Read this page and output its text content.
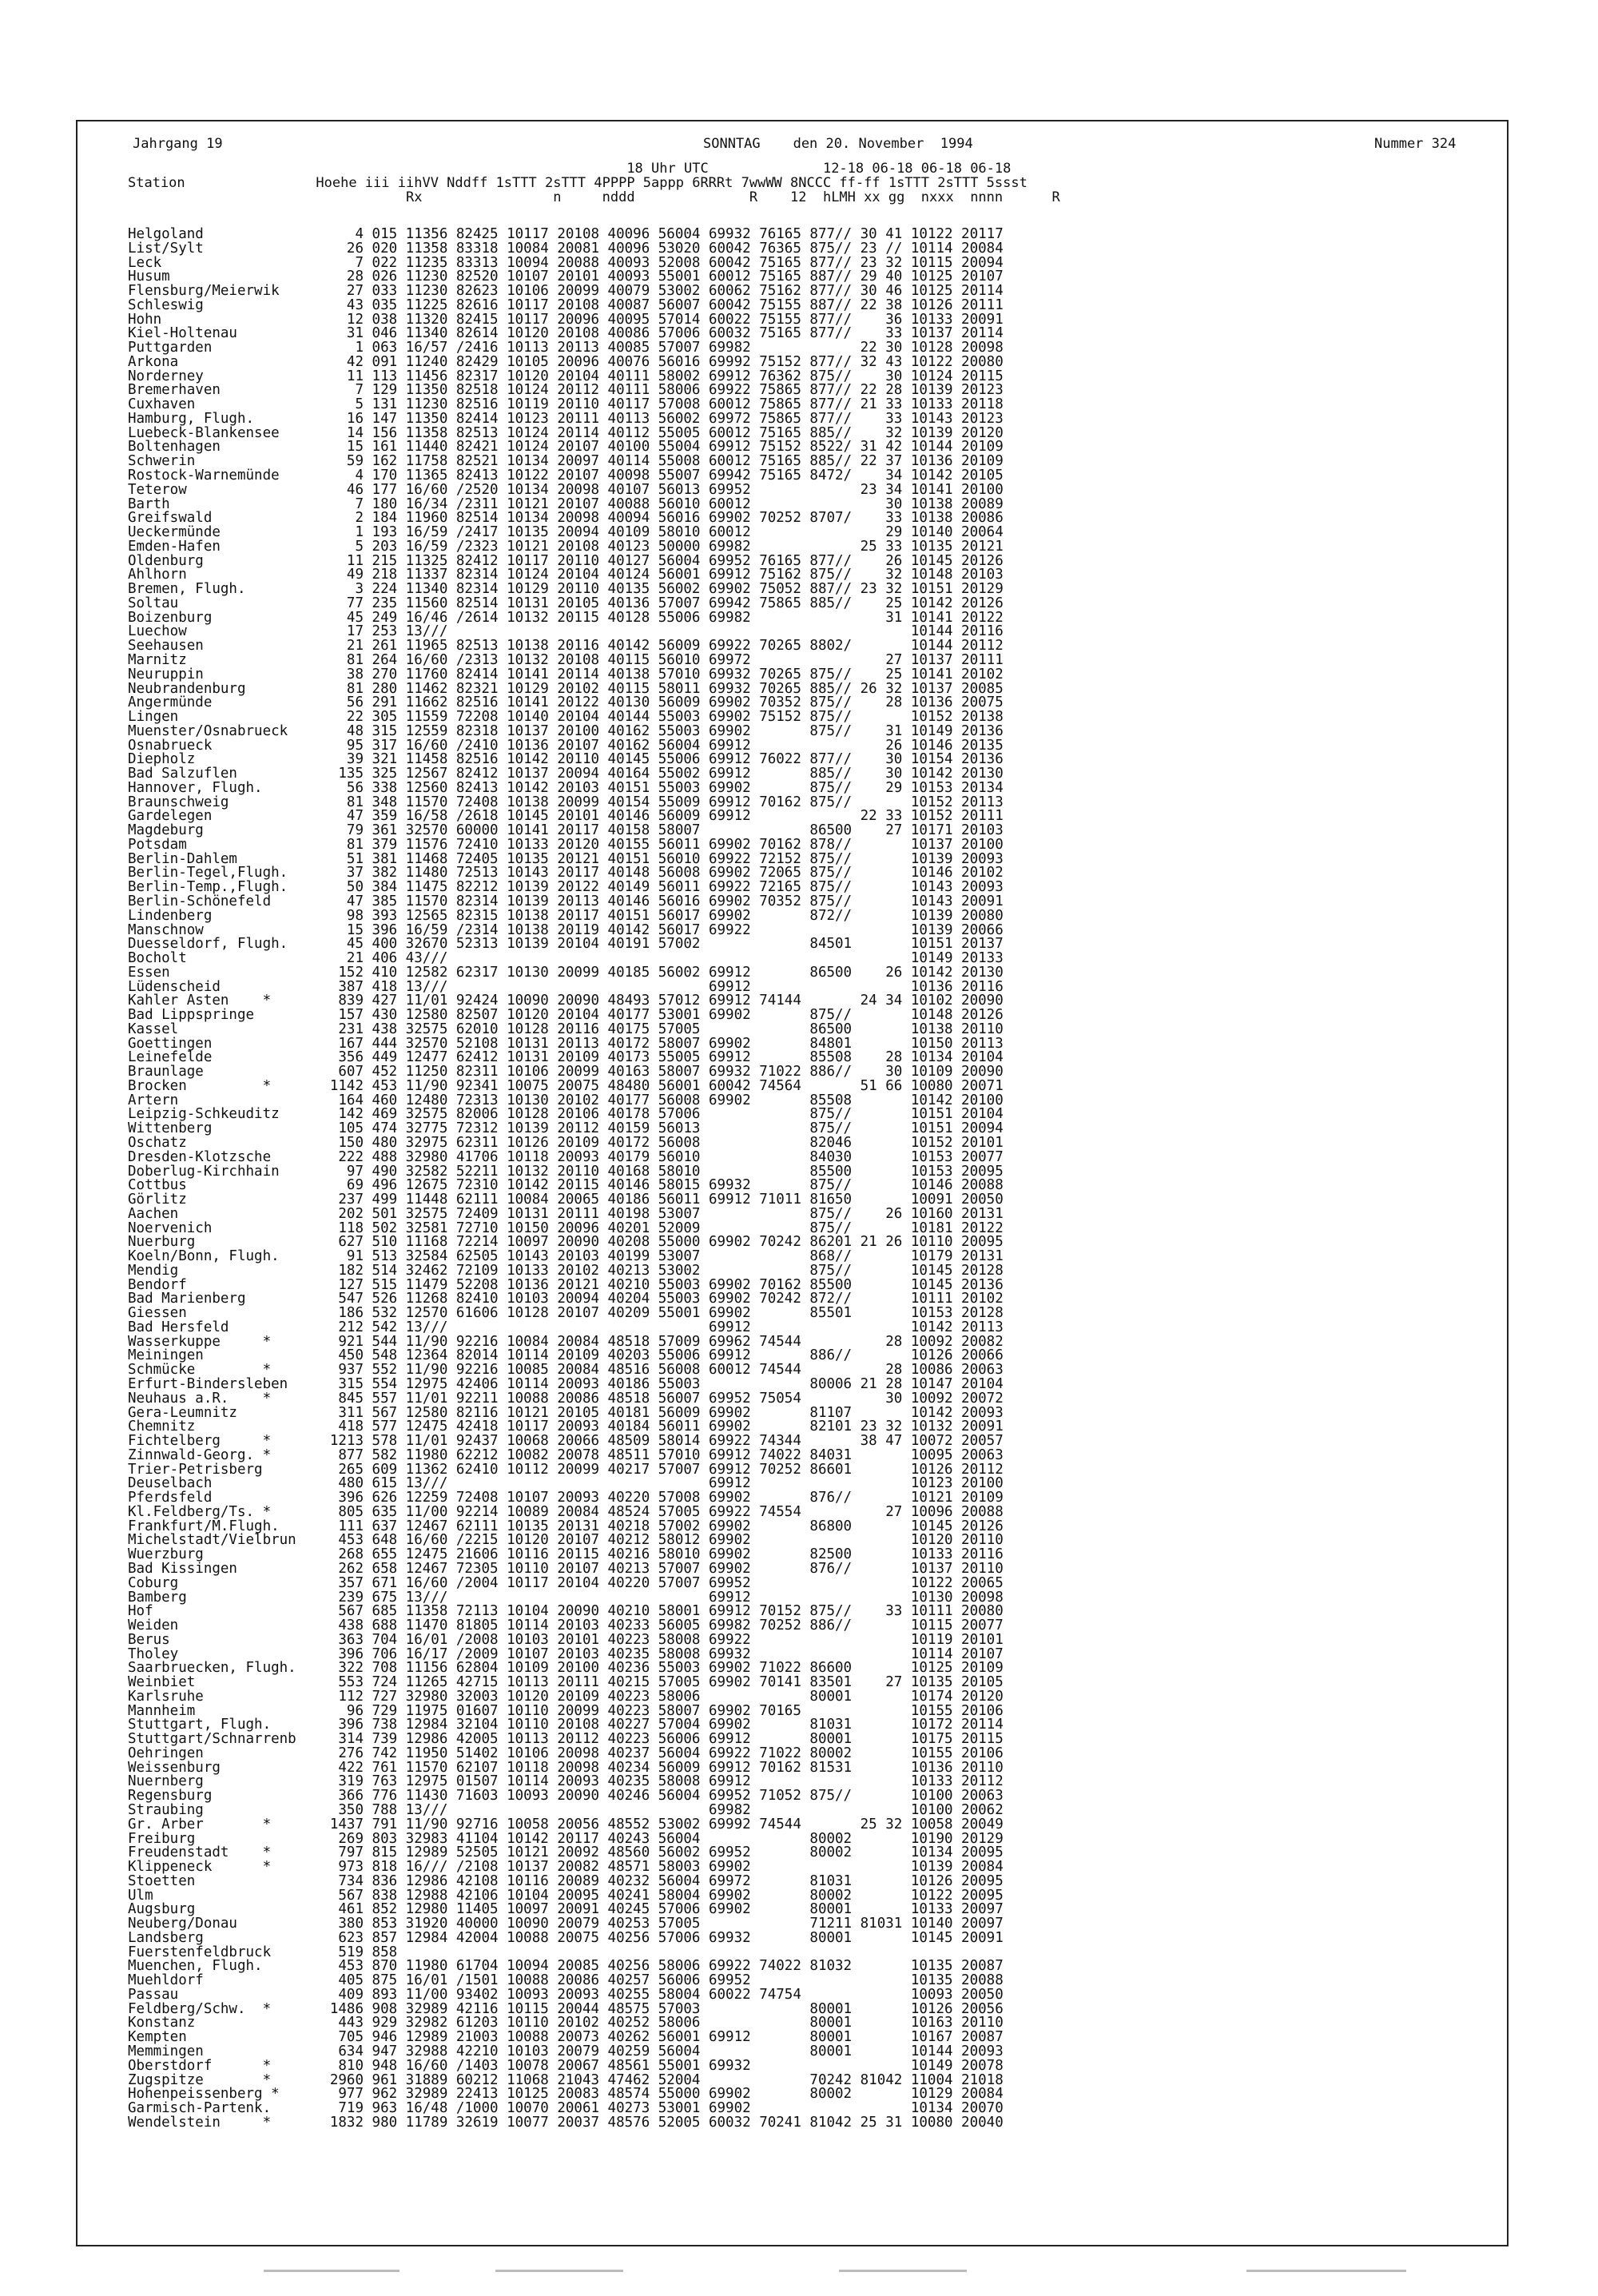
Jahrgang 19	SONNTAG    den 20. November  1994	Nummer 324
18 Uhr UTC              12-18 06-18 06-18 06-18
Station                Hoehe iii iihVV Nddff 1sTTT 2sTTT 4PPPP 5appp 6RRRt 7wwWW 8NCCC ff-ff 1sTTT 2sTTT 5ssst
Rx                n     nddd              R    12  hLMH xx gg  nxxx  nnnn      R
Helgoland                  4 015 11356 82425 10117 20108 40096 56004 69932 76165 877// 30 41 10122 20117
List/Sylt                 26 020 11358 83318 10084 20081 40096 53020 60042 76365 875// 23 // 10114 20084
Leck                       7 022 11235 83313 10094 20088 40093 52008 60042 75165 877// 23 32 10115 20094
Husum                     28 026 11230 82520 10107 20101 40093 55001 60012 75165 887// 29 40 10125 20107
Flensburg/Meierwik        27 033 11230 82623 10106 20099 40079 53002 60062 75162 877// 30 46 10125 20114
Schleswig                 43 035 11225 82616 10117 20108 40087 56007 60042 75155 887// 22 38 10126 20111
Hohn                      12 038 11320 82415 10117 20096 40095 57014 60022 75155 877//    36 10133 20091
Kiel-Holtenau             31 046 11340 82614 10120 20108 40086 57006 60032 75165 877//    33 10137 20114
Puttgarden                 1 063 16/57 /2416 10113 20113 40085 57007 69982             22 30 10128 20098
Arkona                    42 091 11240 82429 10105 20096 40076 56016 69992 75152 877// 32 43 10122 20080
Norderney                 11 113 11456 82317 10120 20104 40111 58002 69912 76362 875//    30 10124 20115
Bremerhaven                7 129 11350 82518 10124 20112 40111 58006 69922 75865 877// 22 28 10139 20123
Cuxhaven                   5 131 11230 82516 10119 20110 40117 57008 60012 75865 877// 21 33 10133 20118
Hamburg, Flugh.           16 147 11350 82414 10123 20111 40113 56002 69972 75865 877//    33 10143 20123
Luebeck-Blankensee        14 156 11358 82513 10124 20114 40112 55005 60012 75165 885//    32 10139 20120
Boltenhagen               15 161 11440 82421 10124 20107 40100 55004 69912 75152 8522/ 31 42 10144 20109
Schwerin                  59 162 11758 82521 10134 20097 40114 55008 60012 75165 885// 22 37 10136 20109
Rostock-Warnemünde         4 170 11365 82413 10122 20107 40098 55007 69942 75165 8472/    34 10142 20105
Teterow                   46 177 16/60 /2520 10134 20098 40107 56013 69952             23 34 10141 20100
Barth                      7 180 16/34 /2311 10121 20107 40088 56010 60012                30 10138 20089
Greifswald                 2 184 11960 82514 10134 20098 40094 56016 69902 70252 8707/    33 10138 20086
Ueckermünde                1 193 16/59 /2417 10135 20094 40109 58010 60012                29 10140 20064
Emden-Hafen                5 203 16/59 /2323 10121 20108 40123 50000 69982             25 33 10135 20121
Oldenburg                 11 215 11325 82412 10117 20110 40127 56004 69952 76165 877//    26 10145 20126
Ahlhorn                   49 218 11337 82314 10124 20104 40124 56001 69912 75162 875//    32 10148 20103
Bremen, Flugh.             3 224 11340 82314 10129 20110 40135 56002 69902 75052 887// 23 32 10151 20129
Soltau                    77 235 11560 82514 10131 20105 40136 57007 69942 75865 885//    25 10142 20126
Boizenburg                45 249 16/46 /2614 10132 20115 40128 55006 69982                31 10141 20122
Luechow                   17 253 13///                                                       10144 20116
Seehausen                 21 261 11965 82513 10138 20116 40142 56009 69922 70265 8802/       10144 20112
Marnitz                   81 264 16/60 /2313 10132 20108 40115 56010 69972                27 10137 20111
Neuruppin                 38 270 11760 82414 10141 20114 40138 57010 69932 70265 875//    25 10141 20102
Neubrandenburg            81 280 11462 82321 10129 20102 40115 58011 69932 70265 885// 26 32 10137 20085
Angermünde                56 291 11662 82516 10141 20122 40130 56009 69902 70352 875//    28 10136 20075
Lingen                    22 305 11559 72208 10140 20104 40144 55003 69902 75152 875//       10152 20138
Muenster/Osnabrueck       48 315 12559 82318 10137 20100 40162 55003 69902       875//    31 10149 20136
Osnabrueck                95 317 16/60 /2410 10136 20107 40162 56004 69912                26 10146 20135
Diepholz                  39 321 11458 82516 10142 20110 40145 55006 69912 76022 877//    30 10154 20136
Bad Salzuflen            135 325 12567 82412 10137 20094 40164 55002 69912       885//    30 10142 20130
Hannover, Flugh.          56 338 12560 82413 10142 20103 40151 55003 69902       875//    29 10153 20134
Braunschweig              81 348 11570 72408 10138 20099 40154 55009 69912 70162 875//       10152 20113
Gardelegen                47 359 16/58 /2618 10145 20101 40146 56009 69912             22 33 10152 20111
Magdeburg                 79 361 32570 60000 10141 20117 40158 58007             86500    27 10171 20103
Potsdam                   81 379 11576 72410 10133 20120 40155 56011 69902 70162 878//       10137 20100
Berlin-Dahlem             51 381 11468 72405 10135 20121 40151 56010 69922 72152 875//       10139 20093
Berlin-Tegel,Flugh.       37 382 11480 72513 10143 20117 40148 56008 69902 72065 875//       10146 20102
Berlin-Temp.,Flugh.       50 384 11475 82212 10139 20122 40149 56011 69922 72165 875//       10143 20093
Berlin-Schönefeld         47 385 11570 82314 10139 20113 40146 56016 69902 70352 875//       10143 20091
Lindenberg                98 393 12565 82315 10138 20117 40151 56017 69902       872//       10139 20080
Manschnow                 15 396 16/59 /2314 10138 20119 40142 56017 69922                   10139 20066
Duesseldorf, Flugh.       45 400 32670 52313 10139 20104 40191 57002             84501       10151 20137
Bocholt                   21 406 43///                                                       10149 20133
Essen                    152 410 12582 62317 10130 20099 40185 56002 69912       86500    26 10142 20130
Lüdenscheid              387 418 13///                               69912                   10136 20116
Kahler Asten    *        839 427 11/01 92424 10090 20090 48493 57012 69912 74144       24 34 10102 20090
Bad Lippspringe          157 430 12580 82507 10120 20104 40177 53001 69902       875//       10148 20126
Kassel                   231 438 32575 62010 10128 20116 40175 57005             86500       10138 20110
Goettingen               167 444 32570 52108 10131 20113 40172 58007 69902       84801       10150 20113
Leinefelde               356 449 12477 62412 10131 20109 40173 55005 69912       85508    28 10134 20104
Braunlage                607 452 11250 82311 10106 20099 40163 58007 69932 71022 886//    30 10109 20090
Brocken         *       1142 453 11/90 92341 10075 20075 48480 56001 60042 74564       51 66 10080 20071
Artern                   164 460 12480 72313 10130 20102 40177 56008 69902       85508       10142 20100
Leipzig-Schkeuditz       142 469 32575 82006 10128 20106 40178 57006             875//       10151 20104
Wittenberg               105 474 32775 72312 10139 20112 40159 56013             875//       10151 20094
Oschatz                  150 480 32975 62311 10126 20109 40172 56008             82046       10152 20101
Dresden-Klotzsche        222 488 32980 41706 10118 20093 40179 56010             84030       10153 20077
Doberlug-Kirchhain        97 490 32582 52211 10132 20110 40168 58010             85500       10153 20095
Cottbus                   69 496 12675 72310 10142 20115 40146 58015 69932       875//       10146 20088
Görlitz                  237 499 11448 62111 10084 20065 40186 56011 69912 71011 81650       10091 20050
Aachen                   202 501 32575 72409 10131 20111 40198 53007             875//    26 10160 20131
Noervenich               118 502 32581 72710 10150 20096 40201 52009             875//       10181 20122
Nuerburg                 627 510 11168 72214 10097 20090 40208 55000 69902 70242 86201 21 26 10110 20095
Koeln/Bonn, Flugh.        91 513 32584 62505 10143 20103 40199 53007             868//       10179 20131
Mendig                   182 514 32462 72109 10133 20102 40213 53002             875//       10145 20128
Bendorf                  127 515 11479 52208 10136 20121 40210 55003 69902 70162 85500       10145 20136
Bad Marienberg           547 526 11268 82410 10103 20094 40204 55003 69902 70242 872//       10111 20102
Giessen                  186 532 12570 61606 10128 20107 40209 55001 69902       85501       10153 20128
Bad Hersfeld             212 542 13///                               69912                   10142 20113
Wasserkuppe     *        921 544 11/90 92216 10084 20084 48518 57009 69962 74544          28 10092 20082
Meiningen                450 548 12364 82014 10114 20109 40203 55006 69912       886//       10126 20066
Schmücke        *        937 552 11/90 92216 10085 20084 48516 56008 60012 74544          28 10086 20063
Erfurt-Bindersleben      315 554 12975 42406 10114 20093 40186 55003             80006 21 28 10147 20104
Neuhaus a.R.    *        845 557 11/01 92211 10088 20086 48518 56007 69952 75054          30 10092 20072
Gera-Leumnitz            311 567 12580 82116 10121 20105 40181 56009 69902       81107       10142 20093
Chemnitz                 418 577 12475 42418 10117 20093 40184 56011 69902       82101 23 32 10132 20091
Fichtelberg     *       1213 578 11/01 92437 10068 20066 48509 58014 69922 74344       38 47 10072 20057
Zinnwald-Georg. *        877 582 11980 62212 10082 20078 48511 57010 69912 74022 84031       10095 20063
Trier-Petrisberg         265 609 11362 62410 10112 20099 40217 57007 69912 70252 86601       10126 20112
Deuselbach               480 615 13///                               69912                   10123 20100
Pferdsfeld               396 626 12259 72408 10107 20093 40220 57008 69902       876//       10121 20109
Kl.Feldberg/Ts. *        805 635 11/00 92214 10089 20084 48524 57005 69922 74554          27 10096 20088
Frankfurt/M.Flugh.       111 637 12467 62111 10135 20131 40218 57002 69902       86800       10145 20126
Michelstadt/Vielbrun     453 648 16/60 /2215 10120 20107 40212 58012 69902                   10120 20110
Wuerzburg                268 655 12475 21606 10116 20115 40216 58010 69902       82500       10133 20116
Bad Kissingen            262 658 12467 72305 10110 20107 40213 57007 69902       876//       10137 20110
Coburg                   357 671 16/60 /2004 10117 20104 40220 57007 69952                   10122 20065
Bamberg                  239 675 13///                               69912                   10130 20098
Hof                      567 685 11358 72113 10104 20090 40210 58001 69912 70152 875//    33 10111 20080
Weiden                   438 688 11470 81805 10114 20103 40233 56005 69982 70252 886//       10115 20077
Berus                    363 704 16/01 /2008 10103 20101 40223 58008 69922                   10119 20101
Tholey                   396 706 16/17 /2009 10107 20103 40235 58008 69932                   10114 20107
Saarbruecken, Flugh.     322 708 11156 62804 10109 20100 40236 55003 69902 71022 86600       10125 20109
Weinbiet                 553 724 11265 42715 10113 20111 40215 57005 69902 70141 83501    27 10135 20105
Karlsruhe                112 727 32980 32003 10120 20109 40223 58006             80001       10174 20120
Mannheim                  96 729 11975 01607 10110 20099 40223 58007 69902 70165             10155 20106
Stuttgart, Flugh.        396 738 12984 32104 10110 20108 40227 57004 69902       81031       10172 20114
Stuttgart/Schnarrenb     314 739 12986 42005 10113 20112 40223 56006 69912       80001       10175 20115
Oehringen                276 742 11950 51402 10106 20098 40237 56004 69922 71022 80002       10155 20106
Weissenburg              422 761 11570 62107 10118 20098 40234 56009 69912 70162 81531       10136 20110
Nuernberg                319 763 12975 01507 10114 20093 40235 58008 69912                   10133 20112
Regensburg               366 776 11430 71603 10093 20090 40246 56004 69952 71052 875//       10100 20063
Straubing                350 788 13///                               69982                   10100 20062
Gr. Arber       *       1437 791 11/90 92716 10058 20056 48552 53002 69992 74544       25 32 10058 20049
Freiburg                 269 803 32983 41104 10142 20117 40243 56004             80002       10190 20129
Freudenstadt    *        797 815 12989 52505 10121 20092 48560 56002 69952       80002       10134 20095
Klippeneck      *        973 818 16/// /2108 10137 20082 48571 58003 69902                   10139 20084
Stoetten                 734 836 12986 42108 10116 20089 40232 56004 69972       81031       10126 20095
Ulm                      567 838 12988 42106 10104 20095 40241 58004 69902       80002       10122 20095
Augsburg                 461 852 12980 11405 10097 20091 40245 57006 69902       80001       10133 20097
Neuberg/Donau            380 853 31920 40000 10090 20079 40253 57005             71211 81031 10140 20097
Landsberg                623 857 12984 42004 10088 20075 40256 57006 69932       80001       10145 20091
Fuerstenfeldbruck        519 858
Muenchen, Flugh.         453 870 11980 61704 10094 20085 40256 58006 69922 74022 81032       10135 20087
Muehldorf                405 875 16/01 /1501 10088 20086 40257 56006 69952                   10135 20088
Passau                   409 893 11/00 93402 10093 20093 40255 58004 60022 74754             10093 20050
Feldberg/Schw.  *       1486 908 32989 42116 10115 20044 48575 57003             80001       10126 20056
Konstanz                 443 929 32982 61203 10110 20102 40252 58006             80001       10163 20110
Kempten                  705 946 12989 21003 10088 20073 40262 56001 69912       80001       10167 20087
Memmingen                634 947 32988 42210 10103 20079 40259 56004             80001       10144 20093
Oberstdorf      *        810 948 16/60 /1403 10078 20067 48561 55001 69932                   10149 20078
Zugspitze       *       2960 961 31889 60212 11068 21043 47462 52004             70242 81042 11004 21018
Hohenpeissenberg *       977 962 32989 22413 10125 20083 48574 55000 69902       80002       10129 20084
Garmisch-Partenk.        719 963 16/48 /1000 10070 20061 40273 53001 69902                   10134 20070
Wendelstein     *       1832 980 11789 32619 10077 20037 48576 52005 60032 70241 81042 25 31 10080 20040
